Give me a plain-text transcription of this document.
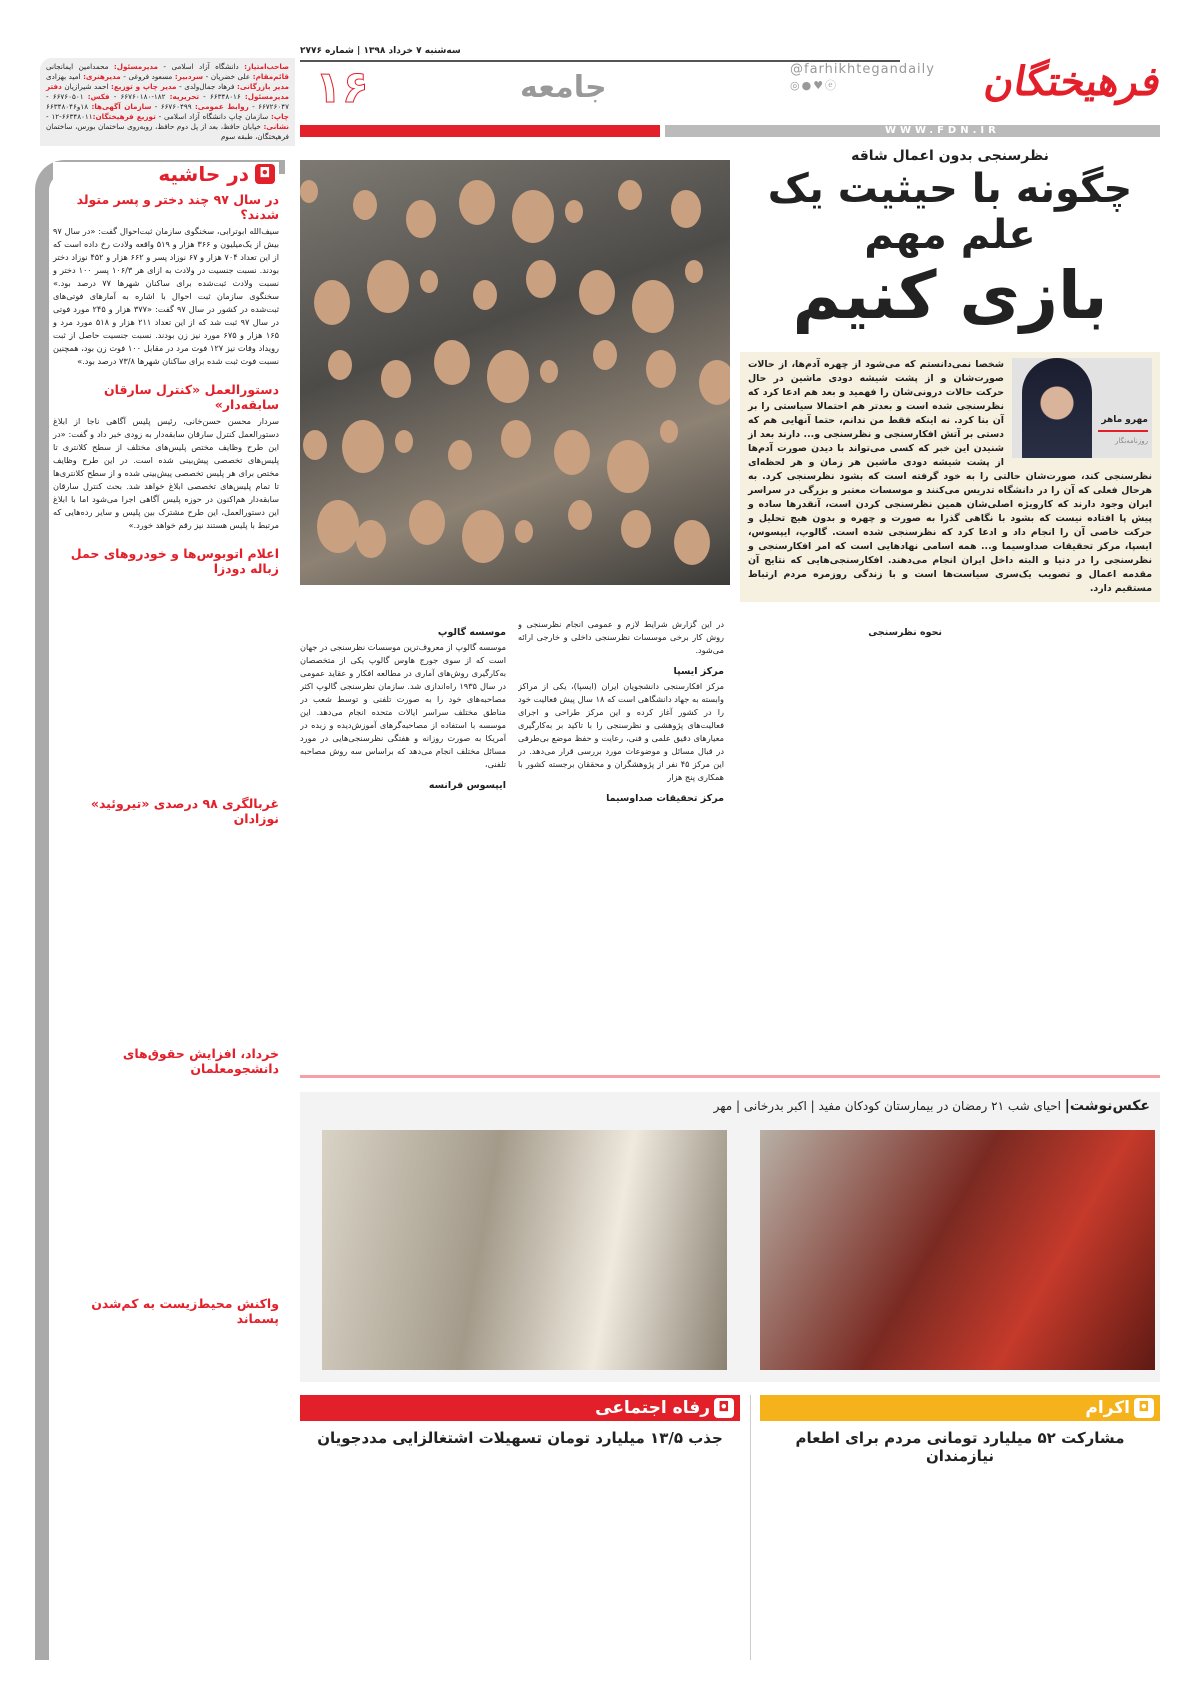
سه‌شنبه ۷ خرداد ۱۳۹۸ | شماره ۲۷۷۶
۱۶	جامعه
WWW.FDN.IR
فرهیختگان
@farhikhtegandaily
◎●♥ⓔ
صاحب‌امتیاز: دانشگاه آزاد اسلامی - مدیرمسئول: محمدامین ایمانجانی قائم‌مقام: علی خضریان - سردبیر: مسعود فروغی - مدیرهنری: امید بهزادی مدیر بازرگانی: فرهاد جمال‌ولدی - مدیر چاپ و توزیع: احمد شیرازیان دفتر مدیرمسئول: ۶۶۳۴۸۰۱۶ - تحریریه: ۱۸۲-۶۶۷۶۰۱۸۰ - فکس: ۶۶۷۶۰۵۰۱ - ۶۶۷۲۶۰۴۷ - روابط عمومی: ۶۶۷۶۰۴۹۹ - سازمان آگهی‌ها: ۱۸و۶۶۳۴۸۰۴۶ چاپ: سازمان چاپ دانشگاه آزاد اسلامی - توزیع فرهیختگان:۶۶۳۴۸۰۱۱-۱۲ - نشانی: خیابان حافظ، بعد از پل دوم حافظ، روبه‌روی ساختمان بورس، ساختمان فرهیختگان، طبقه سوم
◘
در حاشیه
در سال ۹۷ چند دختر و پسر متولد شدند؟

سیف‌الله ابوترابی، سخنگوی سازمان ثبت‌احوال گفت: «در سال ۹۷ بیش از یک‌میلیون و ۳۶۶ هزار و ۵۱۹ واقعه ولادت رخ داده است که از این تعداد ۷۰۴ هزار و ۶۷ نوزاد پسر و ۶۶۲ هزار و ۴۵۲ نوزاد دختر بودند. نسبت جنسیت در ولادت به ازای هر ۱۰۶/۳ پسر ۱۰۰ دختر و نسبت ولادت ثبت‌شده برای ساکنان شهرها ۷۷ درصد بود.» سخنگوی سازمان ثبت احوال با اشاره به آمارهای فوتی‌های ثبت‌شده در کشور در سال ۹۷ گفت: «۳۷۷ هزار و ۲۴۵ مورد فوتی در سال ۹۷ ثبت شد که از این تعداد ۲۱۱ هزار و ۵۱۸ مورد مرد و ۱۶۵ هزار و ۶۷۵ مورد نیز زن بودند. نسبت جنسیت حاصل از ثبت رویداد وفات نیز ۱۲۷ فوت مرد در مقابل ۱۰۰ فوت زن بود، همچنین نسبت فوت ثبت شده برای ساکنان شهرها ۷۳/۸ درصد بود.»

دستورالعمل «کنترل سارقان سابقه‌دار»

سردار محسن حسن‌خانی، رئیس پلیس آگاهی ناجا از ابلاغ دستورالعمل کنترل سارقان سابقه‌دار به زودی خبر داد و گفت: «در این طرح وظایف مختص پلیس‌های مختلف از سطح کلانتری تا پلیس‌های تخصصی پیش‌بینی شده است. در این طرح وظایف مختص برای هر پلیس تخصصی پیش‌بینی شده و از سطح کلانتری‌ها تا تمام پلیس‌های تخصصی ابلاغ خواهد شد. بحث کنترل سارقان سابقه‌دار هم‌اکنون در حوزه پلیس آگاهی اجرا می‌شود اما با ابلاغ این دستورالعمل، این طرح مشترک بین پلیس و سایر رده‌هایی که مرتبط با پلیس هستند نیز رقم خواهد خورد.»

اعلام اتوبوس‌ها و خودروهای حمل زباله دودزا

غربالگری ۹۸ درصدی «تیروئید» نوزادان

خرداد، افزایش حقوق‌های دانشجومعلمان

واکنش محیط‌زیست به کم‌شدن پسماند

نظرسنجی بدون اعمال شاقه
چگونه با حیثیت یک علم مهم
بازی کنیم
مهرو ماهر
روزنامه‌نگار
شخصا نمی‌دانستم که می‌شود از چهره آدم‌ها، از حالات صورت‌شان و از پشت شیشه دودی ماشین در حال حرکت حالات درونی‌شان را فهمید و بعد هم ادعا کرد که نظرسنجی شده است و بعدتر هم احتمالا سیاستی را بر آن بنا کرد. نه اینکه فقط من ندانم، حتما آنهایی هم که دستی بر آتش افکارسنجی و نظرسنجی و... دارند بعد از شنیدن این خبر که کسی می‌تواند با دیدن صورت آدم‌ها از پشت شیشه دودی ماشین هر زمان و هر لحظه‌ای نظرسنجی کند، صورت‌شان حالتی را به خود گرفته است که بشود نظرسنجی کرد. به هرحال فعلی که آن را در دانشگاه تدریس می‌کنند و موسسات معتبر و بزرگی در سراسر ایران وجود دارند که کارویژه اصلی‌شان همین نظرسنجی کردن است، آنقدرها ساده و پیش پا افتاده نیست که بشود با نگاهی گذرا به صورت و چهره و بدون هیچ تحلیل و حرکت خاصی آن را انجام داد و ادعا کرد که نظرسنجی شده است. گالوپ، ایپسوس، ایسپا، مرکز تحقیقات صداوسیما و... همه اسامی نهادهایی است که امر افکارسنجی و نظرسنجی را در دنیا و البته داخل ایران انجام می‌دهند. افکارسنجی‌هایی که نتایج آن مقدمه اعمال و تصویب یک‌سری سیاست‌ها است و با زندگی روزمره مردم ارتباط مستقیم دارد.
نحوه نظرسنجی

در این گزارش شرایط لازم و عمومی انجام نظرسنجی و روش کار برخی موسسات نظرسنجی داخلی و خارجی ارائه می‌شود.

مرکز ایسپا

مرکز افکارسنجی دانشجویان ایران (ایسپا)، یکی از مراکز وابسته به جهاد دانشگاهی است که ۱۸ سال پیش فعالیت خود را در کشور آغاز کرده و این مرکز طراحی و اجرای فعالیت‌های پژوهشی و نظرسنجی را با تاکید بر به‌کارگیری معیارهای دقیق علمی و فنی، رعایت و حفظ موضع بی‌طرفی در قبال مسائل و موضوعات مورد بررسی قرار می‌دهد. در این مرکز ۴۵ نفر از پژوهشگران و محققان برجسته کشور با همکاری پنج هزار

مرکز تحقیقات صداوسیما
موسسه گالوپ

موسسه گالوپ از معروف‌ترین موسسات نظرسنجی در جهان است که از سوی جورج هاوس گالوپ یکی از متخصصان به‌کارگیری روش‌های آماری در مطالعه افکار و عقاید عمومی در سال ۱۹۳۵ راه‌اندازی شد. سازمان نظرسنجی گالوپ اکثر مصاحبه‌های خود را به صورت تلفنی و توسط شعب در مناطق مختلف سراسر ایالات متحده انجام می‌دهد. این موسسه با استفاده از مصاحبه‌گرهای آموزش‌دیده و زبده در آمریکا به صورت روزانه و هفتگی نظرسنجی‌هایی در مورد مسائل مختلف انجام می‌دهد که براساس سه روش مصاحبه تلفنی،

ایپسوس فرانسه
عکس‌نوشت| احیای شب ۲۱ رمضان در بیمارستان کودکان مفید | اکبر بدرخانی | مهر
◘
اکرام
مشارکت ۵۲ میلیارد تومانی مردم برای اطعام نیازمندان

◘
رفاه اجتماعی
جذب ۱۳/۵ میلیارد تومان تسهیلات اشتغالزایی مددجویان
